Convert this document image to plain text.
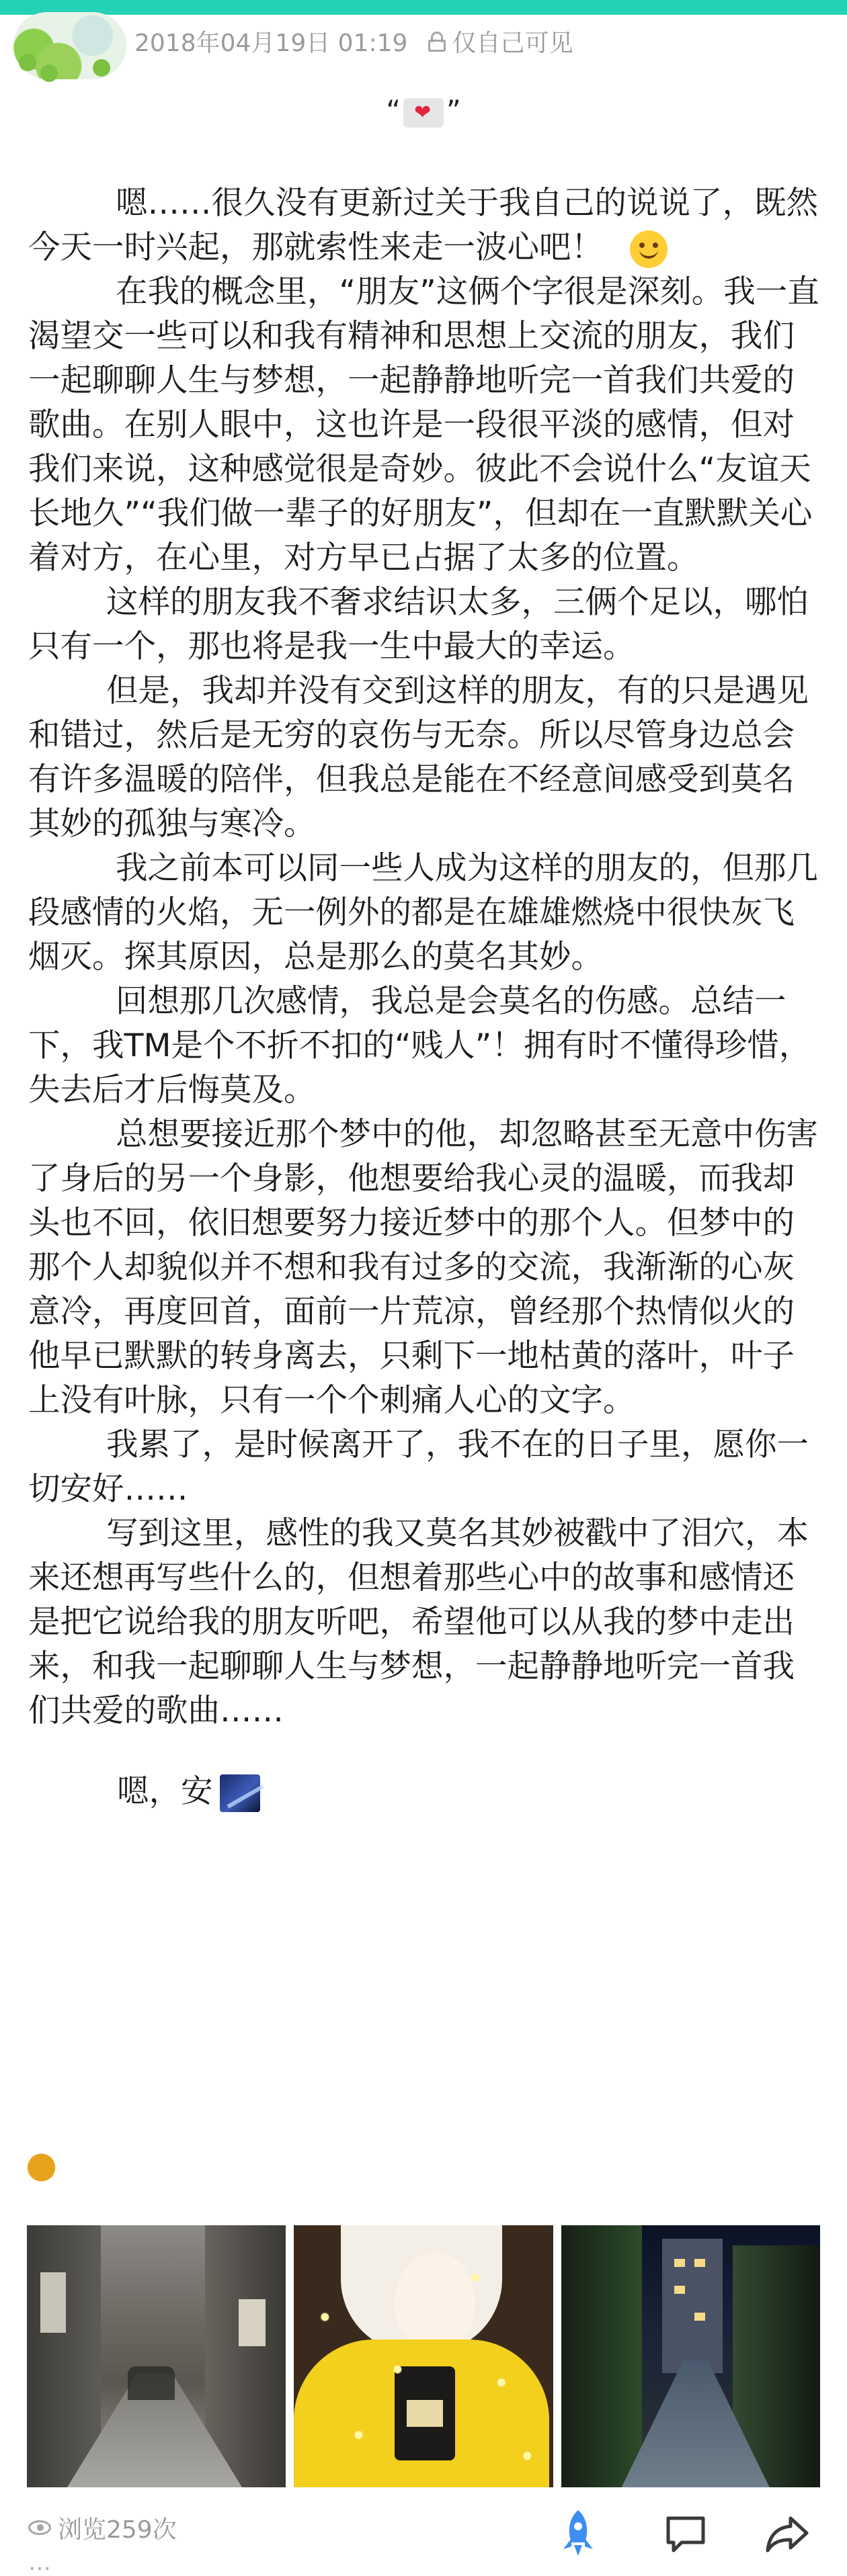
2018年04月19日 01:19 仅自己可见
“❤ ”

嗯……很久没有更新过关于我自己的说说了，既然今天一时兴起，那就索性来走一波心吧！

在我的概念里，“朋友”这俩个字很是深刻。我一直渴望交一些可以和我有精神和思想上交流的朋友，我们一起聊聊人生与梦想，一起静静地听完一首我们共爱的歌曲。在别人眼中，这也许是一段很平淡的感情，但对我们来说，这种感觉很是奇妙。彼此不会说什么“友谊天长地久”“我们做一辈子的好朋友”，但却在一直默默关心着对方，在心里，对方早已占据了太多的位置。

这样的朋友我不奢求结识太多，三俩个足以，哪怕只有一个，那也将是我一生中最大的幸运。

但是，我却并没有交到这样的朋友，有的只是遇见和错过，然后是无穷的哀伤与无奈。所以尽管身边总会有许多温暖的陪伴，但我总是能在不经意间感受到莫名其妙的孤独与寒冷。

我之前本可以同一些人成为这样的朋友的，但那几段感情的火焰，无一例外的都是在雄雄燃烧中很快灰飞烟灭。探其原因，总是那么的莫名其妙。

回想那几次感情，我总是会莫名的伤感。总结一下，我TM是个不折不扣的“贱人”！拥有时不懂得珍惜，失去后才后悔莫及。

总想要接近那个梦中的他，却忽略甚至无意中伤害了身后的另一个身影，他想要给我心灵的温暖，而我却头也不回，依旧想要努力接近梦中的那个人。但梦中的那个人却貌似并不想和我有过多的交流，我渐渐的心灰意冷，再度回首，面前一片荒凉，曾经那个热情似火的他早已默默的转身离去，只剩下一地枯黄的落叶，叶子上没有叶脉，只有一个个刺痛人心的文字。

我累了，是时候离开了，我不在的日子里，愿你一切安好……

写到这里，感性的我又莫名其妙被戳中了泪穴，本来还想再写些什么的，但想着那些心中的故事和感情还是把它说给我的朋友听吧，希望他可以从我的梦中走出来，和我一起聊聊人生与梦想，一起静静地听完一首我们共爱的歌曲……

嗯，安
●
浏览259次
…
